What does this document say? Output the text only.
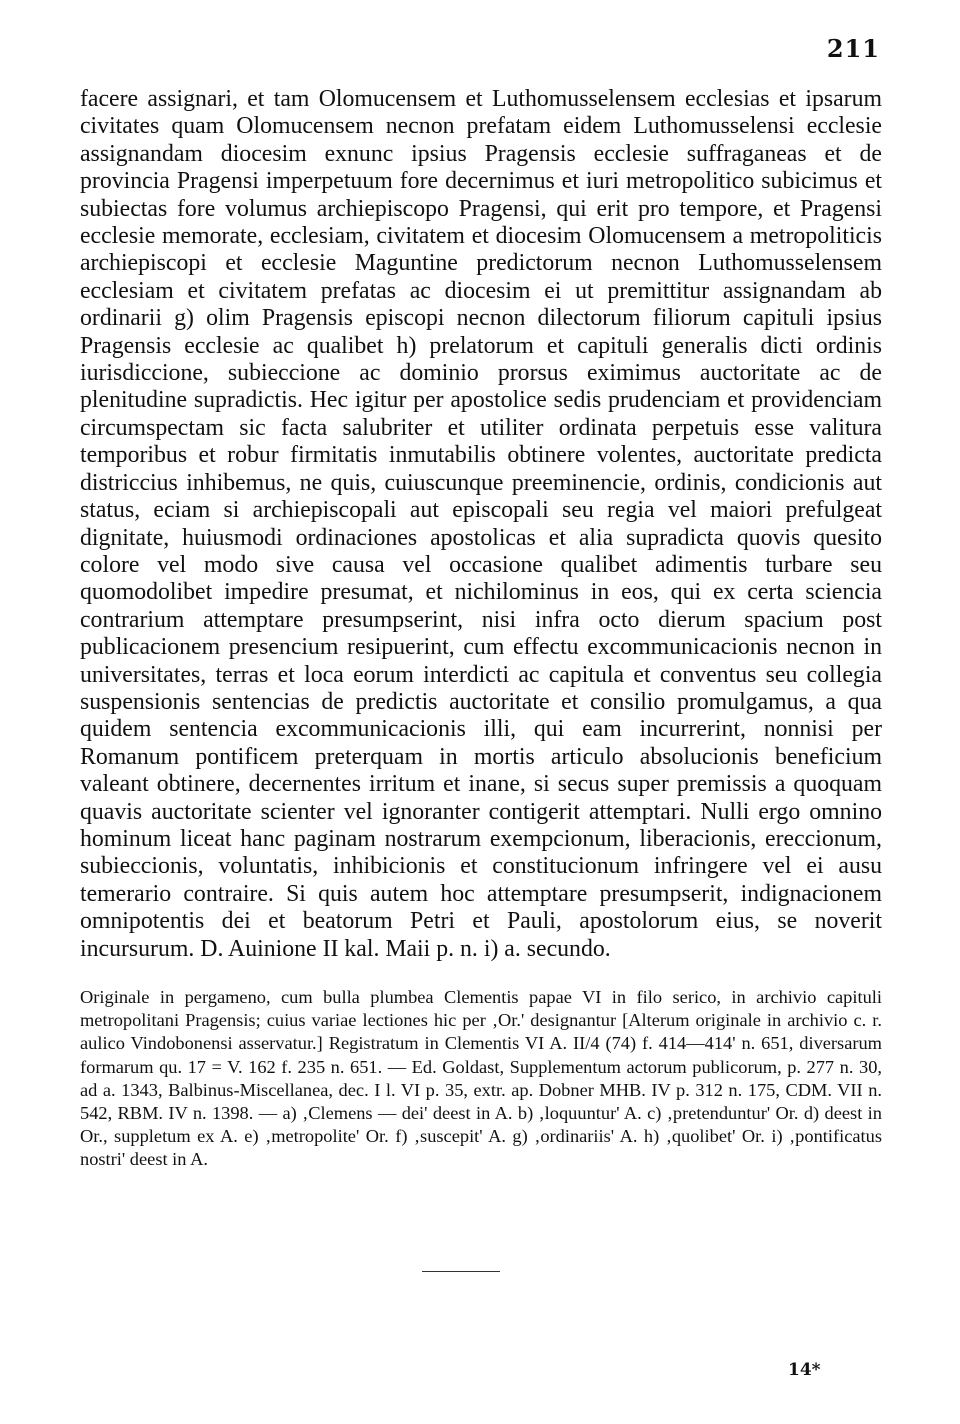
211

facere assignari, et tam Olomucensem et Luthomusselensem ecclesias et ipsarum civitates quam Olomucensem necnon prefatam eidem Luthomusselensi ecclesie assignandam diocesim exnunc ipsius Pragensis ecclesie suffraganeas et de provincia Pragensi imperpetuum fore decernimus et iuri metropolitico subicimus et subiectas fore volumus archiepiscopo Pragensi, qui erit pro tempore, et Pragensi ecclesie memorate, ecclesiam, civitatem et diocesim Olomucensem a metropoliticis archiepiscopi et ecclesie Maguntine predictorum necnon Luthomusselensem ecclesiam et civitatem prefatas ac diocesim ei ut premittitur assignandam ab ordinarii g) olim Pragensis episcopi necnon dilectorum filiorum capituli ipsius Pragensis ecclesie ac qualibet h) prelatorum et capituli generalis dicti ordinis iurisdiccione, subieccione ac dominio prorsus eximimus auctoritate ac de plenitudine supradictis. Hec igitur per apostolice sedis prudenciam et providenciam circumspectam sic facta salubriter et utiliter ordinata perpetuis esse valitura temporibus et robur firmitatis inmutabilis obtinere volentes, auctoritate predicta districcius inhibemus, ne quis, cuiuscunque preeminencie, ordinis, condicionis aut status, eciam si archiepiscopali aut episcopali seu regia vel maiori prefulgeat dignitate, huiusmodi ordinaciones apostolicas et alia supradicta quovis quesito colore vel modo sive causa vel occasione qualibet adimentis turbare seu quomodolibet impedire presumat, et nichilominus in eos, qui ex certa sciencia contrarium attemptare presumpserint, nisi infra octo dierum spacium post publicacionem presencium resipuerint, cum effectu excommunicacionis necnon in universitates, terras et loca eorum interdicti ac capitula et conventus seu collegia suspensionis sentencias de predictis auctoritate et consilio promulgamus, a qua quidem sentencia excommunicacionis illi, qui eam incurrerint, nonnisi per Romanum pontificem preterquam in mortis articulo absolucionis beneficium valeant obtinere, decernentes irritum et inane, si secus super premissis a quoquam quavis auctoritate scienter vel ignoranter contigerit attemptari. Nulli ergo omnino hominum liceat hanc paginam nostrarum exempcionum, liberacionis, ereccionum, subieccionis, voluntatis, inhibicionis et constitucionum infringere vel ei ausu temerario contraire. Si quis autem hoc attemptare presumpserit, indignacionem omnipotentis dei et beatorum Petri et Pauli, apostolorum eius, se noverit incursurum. D. Auinione II kal. Maii p. n. i) a. secundo.

Originale in pergameno, cum bulla plumbea Clementis papae VI in filo serico, in archivio capituli metropolitani Pragensis; cuius variae lectiones hic per ‚Or.' designantur [Alterum originale in archivio c. r. aulico Vindobonensi asservatur.] Registratum in Clementis VI A. II/4 (74) f. 414—414' n. 651, diversarum formarum qu. 17 = V. 162 f. 235 n. 651. — Ed. Goldast, Supplementum actorum publicorum, p. 277 n. 30, ad a. 1343, Balbinus-Miscellanea, dec. I l. VI p. 35, extr. ap. Dobner MHB. IV p. 312 n. 175, CDM. VII n. 542, RBM. IV n. 1398. — a) ‚Clemens — dei' deest in A. b) ‚loquuntur' A. c) ‚pretenduntur' Or. d) deest in Or., suppletum ex A. e) ‚metropolite' Or. f) ‚suscepit' A. g) ‚ordinariis' A. h) ‚quolibet' Or. i) ‚pontificatus nostri' deest in A.

14*
